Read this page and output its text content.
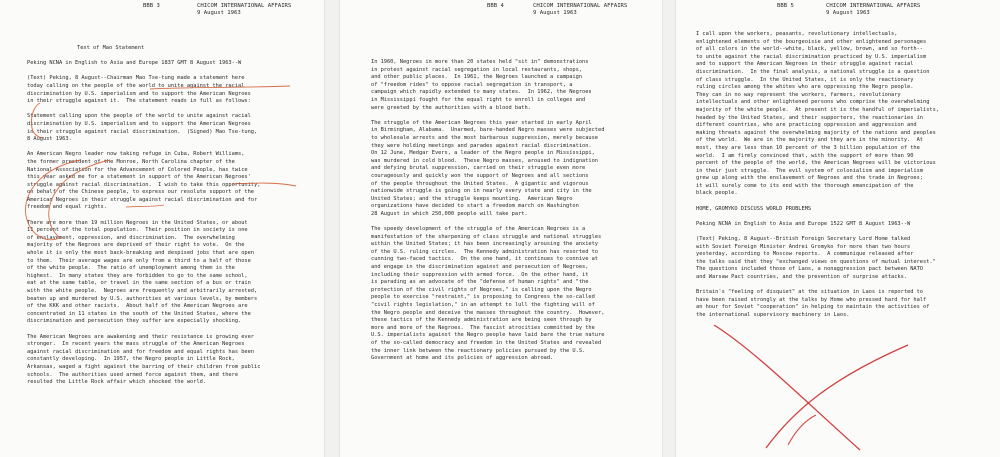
BBB 3	CHICOM INTERNATIONAL AFFAIRS
9 August 1963
Text of Mao Statement

Peking NCNA in English to Asia and Europe 1837 GMT 8 August 1963--W

(Text) Peking, 8 August--Chairman Mao Tse-tung made a statement here
today calling on the people of the world to unite against the racial
discrimination by U.S. imperialism and to support the American Negroes
in their struggle against it.  The statement reads in full as follows:

Statement calling upon the people of the world to unite against racial
discrimination by U.S. imperialism and to support the American Negroes
in their struggle against racial discrimination.  (Signed) Mao Tse-tung,
8 August 1963.

An American Negro leader now taking refuge in Cuba, Robert Williams,
the former president of the Monroe, North Carolina chapter of the
National Association for the Advancement of Colored People, has twice
this year asked me for a statement in support of the American Negroes'
struggle against racial discrimination.  I wish to take this opportunity,
on behalf of the Chinese people, to express our resolute support of the
American Negroes in their struggle against racial discrimination and for
freedom and equal rights.

There are more than 19 million Negroes in the United States, or about
11 percent of the total population.  Their position in society is one
of enslavement, oppression, and discrimination.  The overwhelming
majority of the Negroes are deprived of their right to vote.  On the
whole it is only the most back-breaking and despised jobs that are open
to them.  Their average wages are only from a third to a half of those
of the white people.  The ratio of unemployment among them is the
highest.  In many states they are forbidden to go to the same school,
eat at the same table, or travel in the same section of a bus or train
with the white people.  Negroes are frequently and arbitrarily arrested,
beaten up and murdered by U.S. authorities at various levels, by members
of the KKK and other racists.  About half of the American Negroes are
concentrated in 11 states in the south of the United States, where the
discrimination and persecution they suffer are especially shocking.

The American Negroes are awakening and their resistance is growing ever
stronger.  In recent years the mass struggle of the American Negroes
against racial discrimination and for freedom and equal rights has been
constantly developing.  In 1957, the Negro people in Little Rock,
Arkansas, waged a fight against the barring of their children from public
schools.  The authorities used armed force against them, and there
resulted the Little Rock affair which shocked the world.

BBB 4	CHICOM INTERNATIONAL AFFAIRS
9 August 1963

In 1960, Negroes in more than 20 states held "sit in" demonstrations
in protest against racial segregation in local restaurants, shops,
and other public places.  In 1961, the Negroes launched a campaign
of "freedom rides" to oppose racial segregation in transport, a
campaign which rapidly extended to many states.  In 1962, the Negroes
in Mississippi fought for the equal right to enroll in colleges and
were greeted by the authorities with a blood bath.

The struggle of the American Negroes this year started in early April
in Birmingham, Alabama.  Unarmed, bare-handed Negro masses were subjected
to wholesale arrests and the most barbarous suppression, merely because
they were holding meetings and parades against racial discrimination.
On 12 June, Medgar Evers, a leader of the Negro people in Mississippi,
was murdered in cold blood.  These Negro masses, aroused to indignation
and defying brutal suppression, carried on their struggle even more
courageously and quickly won the support of Negroes and all sections
of the people throughout the United States.  A gigantic and vigorous
nationwide struggle is going on in nearly every state and city in the
United States; and the struggle keeps mounting.  American Negro
organizations have decided to start a freedom march on Washington
28 August in which 250,000 people will take part.

The speedy development of the struggle of the American Negroes is a
manifestation of the sharpening of class struggle and national struggles
within the United States; it has been increasingly arousing the anxiety
of the U.S. ruling circles.  The Kennedy administration has resorted to
cunning two-faced tactics.  On the one hand, it continues to connive at
and engage in the discrimination against and persecution of Negroes,
including their suppression with armed force.  On the other hand, it
is parading as an advocate of the "defense of human rights" and "the
protection of the civil rights of Negroes," is calling upon the Negro
people to exercise "restraint," is proposing to Congress the so-called
"civil rights legislation," in an attempt to lull the fighting will of
the Negro people and deceive the masses throughout the country.  However,
these tactics of the Kennedy administration are being seen through by
more and more of the Negroes.  The fascist atrocities committed by the
U.S. imperialists against the Negro people have laid bare the true nature
of the so-called democracy and freedom in the United States and revealed
the inner link between the reactionary policies pursued by the U.S.
Government at home and its policies of aggression abroad.

BBB 5	CHICOM INTERNATIONAL AFFAIRS
9 August 1963

I call upon the workers, peasants, revolutionary intellectuals,
enlightened elements of the bourgeoisie and other enlightened personages
of all colors in the world--white, black, yellow, brown, and so forth--
to unite against the racial discrimination practiced by U.S. imperialism
and to support the American Negroes in their struggle against racial
discrimination.  In the final analysis, a national struggle is a question
of class struggle.  In the United States, it is only the reactionary
ruling circles among the whites who are oppressing the Negro people.
They can in no way represent the workers, farmers, revolutionary
intellectuals and other enlightened persons who comprise the overwhelming
majority of the white people.  At present it is the handful of imperialists,
headed by the United States, and their supporters, the reactionaries in
different countries, who are practicing oppression and aggression and
making threats against the overwhelming majority of the nations and peoples
of the world.  We are in the majority and they are in the minority.  At
most, they are less than 10 percent of the 3 billion population of the
world.  I am firmly convinced that, with the support of more than 90
percent of the people of the world, the American Negroes will be victorious
in their just struggle.  The evil system of colonialism and imperialism
grew up along with the enslavement of Negroes and the trade in Negroes;
it will surely come to its end with the thorough emancipation of the
black people.

HOME, GROMYKO DISCUSS WORLD PROBLEMS

Peking NCNA in English to Asia and Europe 1522 GMT 8 August 1963--W

(Text) Peking, 8 August--British Foreign Secretary Lord Home talked
with Soviet Foreign Minister Andrei Gromyko for more than two hours
yesterday, according to Moscow reports.  A communique released after
the talks said that they "exchanged views on questions of mutual interest."
The questions included those of Laos, a nonaggression pact between NATO
and Warsaw Pact countries, and the prevention of surprise attacks.

Britain's "feeling of disquiet" at the situation in Laos is reported to
have been raised strongly at the talks by Home who pressed hard for half
an hour for Soviet "cooperation" in helping to maintain the activities of
the international supervisory machinery in Laos.
